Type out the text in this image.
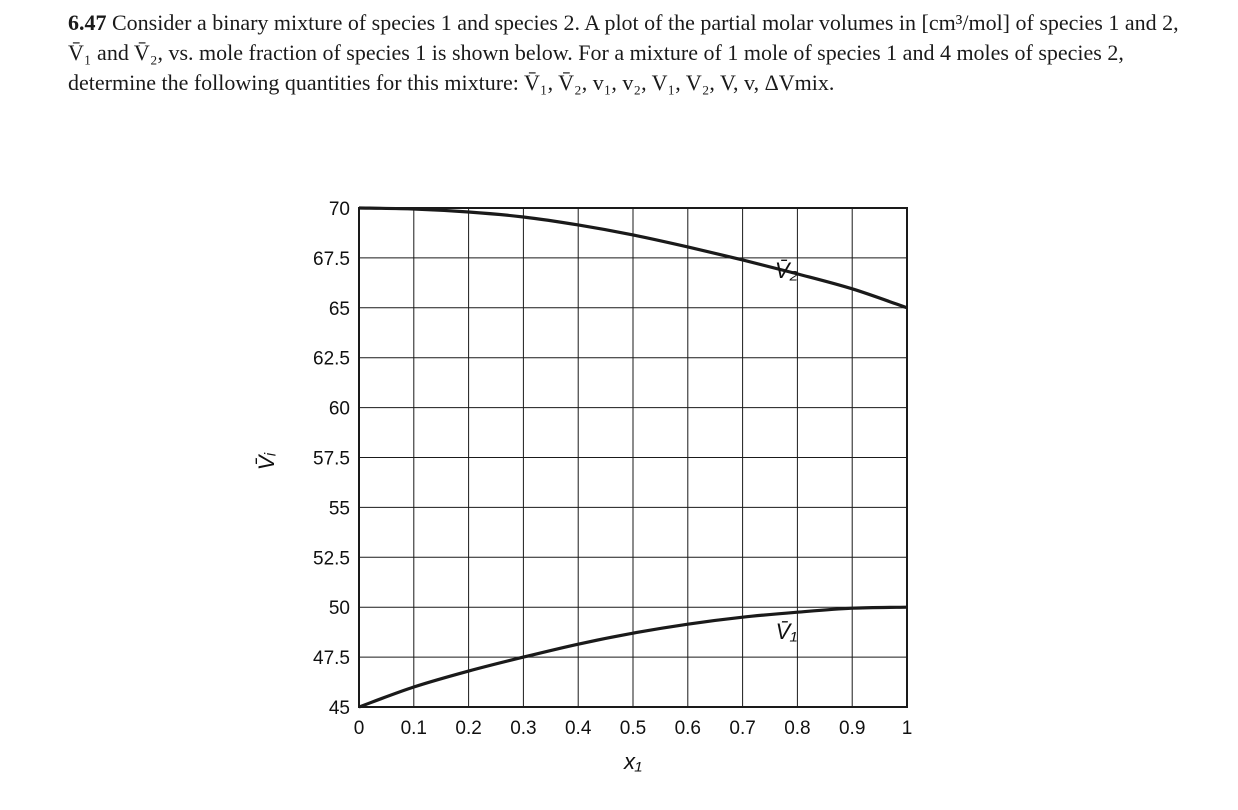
6.47 Consider a binary mixture of species 1 and species 2. A plot of the partial molar volumes in [cm³/mol] of species 1 and 2, V̄₁ and V̄₂, vs. mole fraction of species 1 is shown below. For a mixture of 1 mole of species 1 and 4 moles of species 2, determine the following quantities for this mixture: V̄₁, V̄₂, v₁, v₂, V₁, V₂, V, v, ΔVmix.
0 0.1 0.2 0.3 0.4 0.5 0.6 0.7 0.8 0.9 1
45
47.5
50
52.5
55
57.5
60
62.5
65
67.5
70
V̄₂
V̄₁
x₁
V̄ᵢ
